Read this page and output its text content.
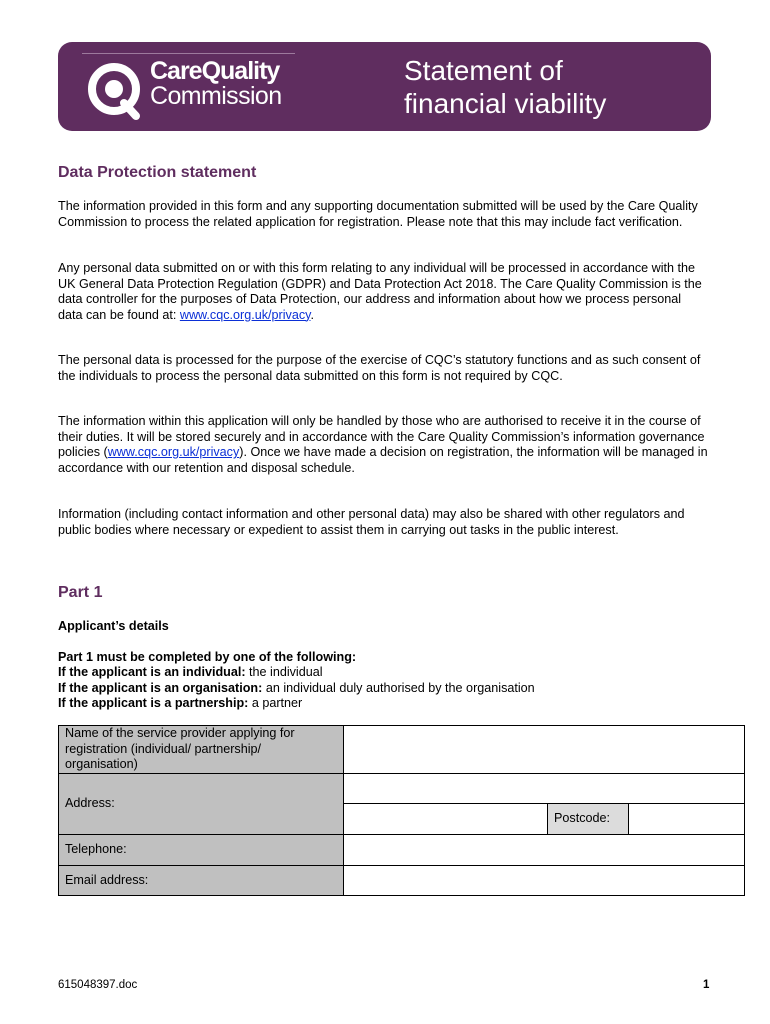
CareQuality
Commission
Statement of
financial viability
Data Protection statement

The information provided in this form and any supporting documentation submitted will be used by the Care Quality Commission to process the related application for registration. Please note that this may include fact verification.

Any personal data submitted on or with this form relating to any individual will be processed in accordance with the UK General Data Protection Regulation (GDPR) and Data Protection Act 2018. The Care Quality Commission is the data controller for the purposes of Data Protection, our address and information about how we process personal data can be found at: www.cqc.org.uk/privacy.

The personal data is processed for the purpose of the exercise of CQC’s statutory functions and as such consent of the individuals to process the personal data submitted on this form is not required by CQC.

The information within this application will only be handled by those who are authorised to receive it in the course of their duties. It will be stored securely and in accordance with the Care Quality Commission’s information governance policies (www.cqc.org.uk/privacy). Once we have made a decision on registration, the information will be managed in accordance with our retention and disposal schedule.

Information (including contact information and other personal data) may also be shared with other regulators and public bodies where necessary or expedient to assist them in carrying out tasks in the public interest.

Part 1

Applicant’s details

Part 1 must be completed by one of the following:

If the applicant is an individual: the individual

If the applicant is an organisation: an individual duly authorised by the organisation

If the applicant is a partnership: a partner

Name of the service provider applying for registration (individual/ partnership/ organisation)			
Address:			
		Postcode:	
Telephone:			
Email address:			
615048397.doc	1
